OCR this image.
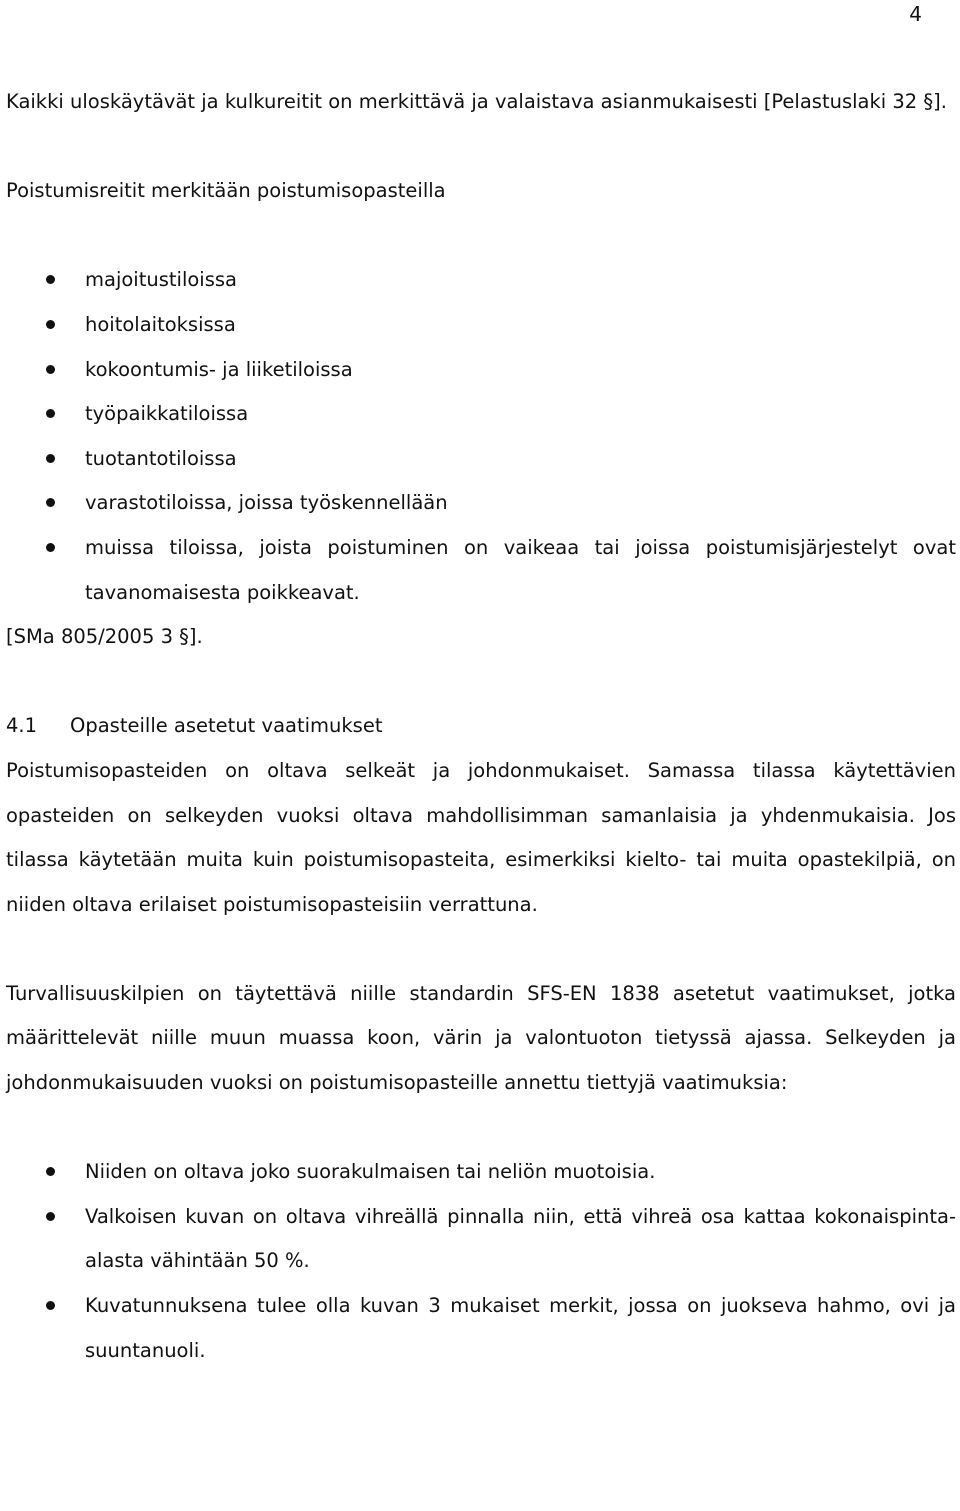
4

Kaikki uloskäytävät ja kulkureitit on merkittävä ja valaistava asianmukaisesti [Pelastuslaki 32 §].

Poistumisreitit merkitään poistumisopasteilla

majoitustiloissa
hoitolaitoksissa
kokoontumis- ja liiketiloissa
työpaikkatiloissa
tuotantotiloissa
varastotiloissa, joissa työskennellään
muissa tiloissa, joista poistuminen on vaikeaa tai joissa poistumisjärjestelyt ovat tavanomaisesta poikkeavat.

[SMa 805/2005 3 §].

4.1 Opasteille asetetut vaatimukset

Poistumisopasteiden on oltava selkeät ja johdonmukaiset. Samassa tilassa käytettävien opasteiden on selkeyden vuoksi oltava mahdollisimman samanlaisia ja yhdenmukaisia. Jos tilassa käytetään muita kuin poistumisopasteita, esimerkiksi kielto- tai muita opastekilpiä, on niiden oltava erilaiset poistumisopasteisiin verrattuna.

Turvallisuuskilpien on täytettävä niille standardin SFS-EN 1838 asetetut vaatimukset, jotka määrittelevät niille muun muassa koon, värin ja valontuoton tietyssä ajassa. Selkeyden ja johdonmukaisuuden vuoksi on poistumisopasteille annettu tiettyjä vaatimuksia:

Niiden on oltava joko suorakulmaisen tai neliön muotoisia.
Valkoisen kuvan on oltava vihreällä pinnalla niin, että vihreä osa kattaa kokonaispinta-alasta vähintään 50 %.
Kuvatunnuksena tulee olla kuvan 3 mukaiset merkit, jossa on juokseva hahmo, ovi ja suuntanuoli.
